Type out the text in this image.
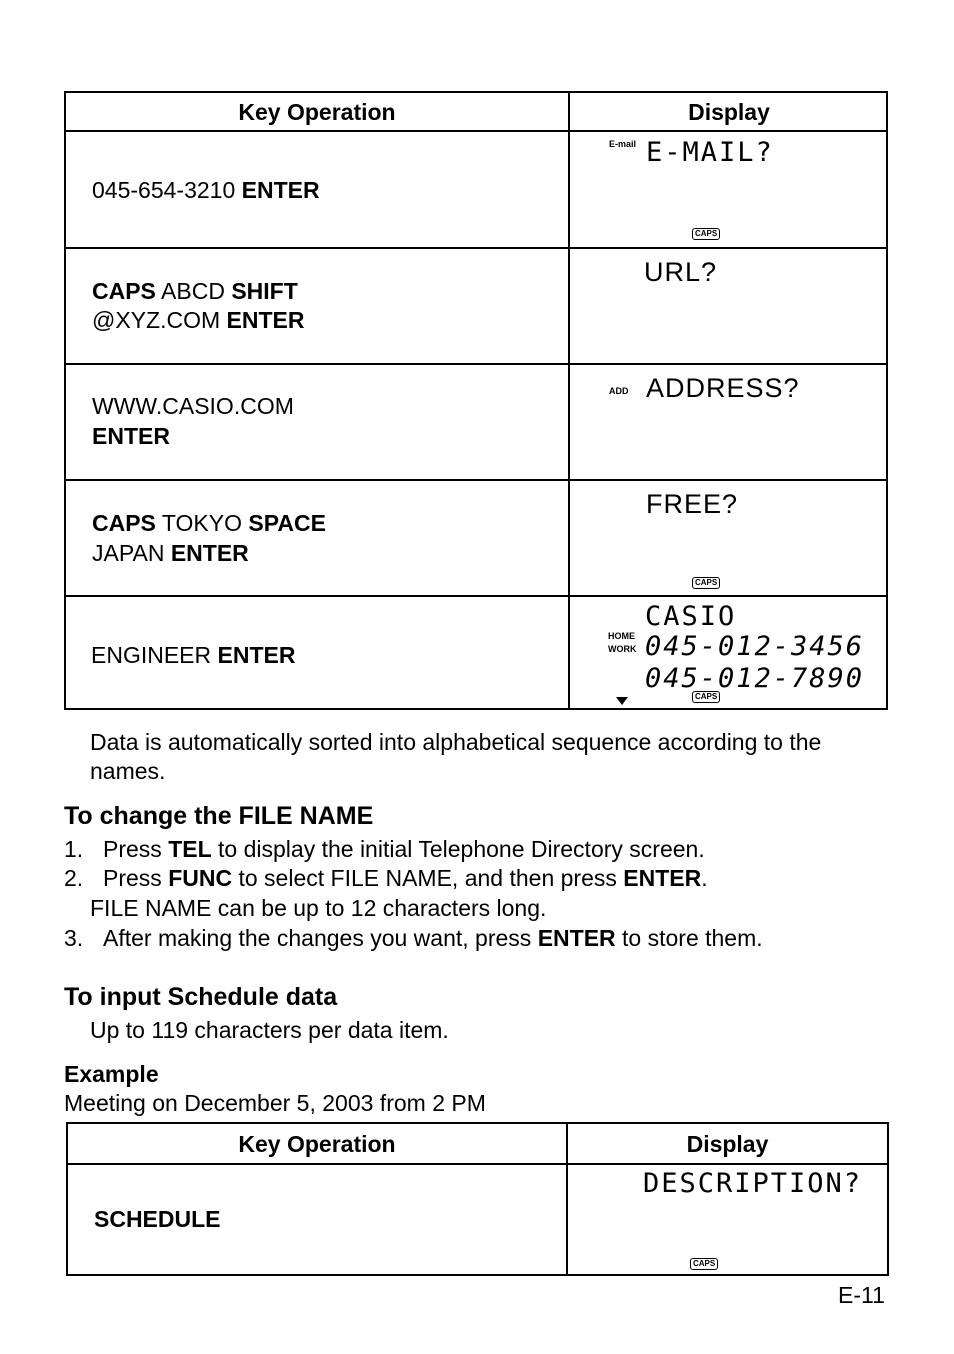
Key Operation	Display
045-654-3210 ENTER
E-mail E-MAIL?
CAPS
CAPS ABCD SHIFT
@XYZ.COM ENTER
URL?
WWW.CASIO.COM
ENTER
ADD ADDRESS?
CAPS TOKYO SPACE
JAPAN ENTER
FREE?
CAPS
ENGINEER ENTER
CASIO
HOME
WORK 045-012-3456
045-012-7890
CAPS
Data is automatically sorted into alphabetical sequence according to the
names.
To change the FILE NAME
1. Press TEL to display the initial Telephone Directory screen.
2. Press FUNC to select FILE NAME, and then press ENTER.
FILE NAME can be up to 12 characters long.
3. After making the changes you want, press ENTER to store them.
To input Schedule data
Up to 119 characters per data item.
Example
Meeting on December 5, 2003 from 2 PM
Key Operation	Display
SCHEDULE
DESCRIPTION?
CAPS
E-11
